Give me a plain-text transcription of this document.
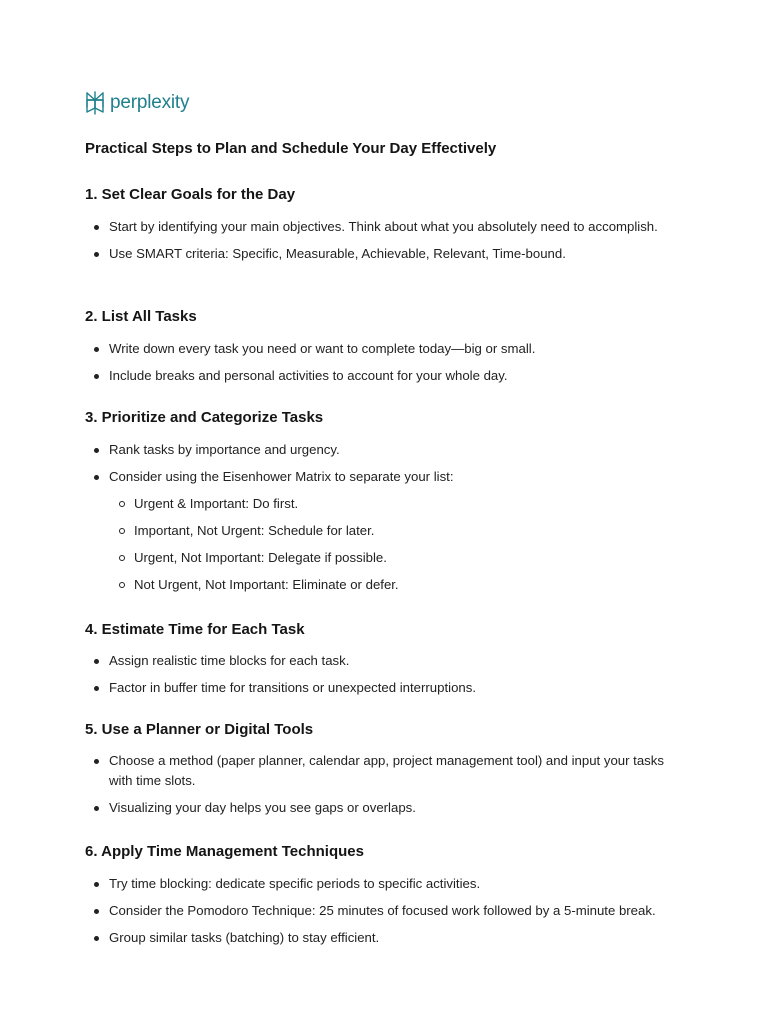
perplexity
Practical Steps to Plan and Schedule Your Day Effectively
1. Set Clear Goals for the Day
Start by identifying your main objectives. Think about what you absolutely need to accomplish.
Use SMART criteria: Specific, Measurable, Achievable, Relevant, Time-bound.
2. List All Tasks
Write down every task you need or want to complete today—big or small.
Include breaks and personal activities to account for your whole day.
3. Prioritize and Categorize Tasks
Rank tasks by importance and urgency.
Consider using the Eisenhower Matrix to separate your list:
Urgent & Important: Do first.
Important, Not Urgent: Schedule for later.
Urgent, Not Important: Delegate if possible.
Not Urgent, Not Important: Eliminate or defer.
4. Estimate Time for Each Task
Assign realistic time blocks for each task.
Factor in buffer time for transitions or unexpected interruptions.
5. Use a Planner or Digital Tools
Choose a method (paper planner, calendar app, project management tool) and input your tasks with time slots.
Visualizing your day helps you see gaps or overlaps.
6. Apply Time Management Techniques
Try time blocking: dedicate specific periods to specific activities.
Consider the Pomodoro Technique: 25 minutes of focused work followed by a 5-minute break.
Group similar tasks (batching) to stay efficient.
